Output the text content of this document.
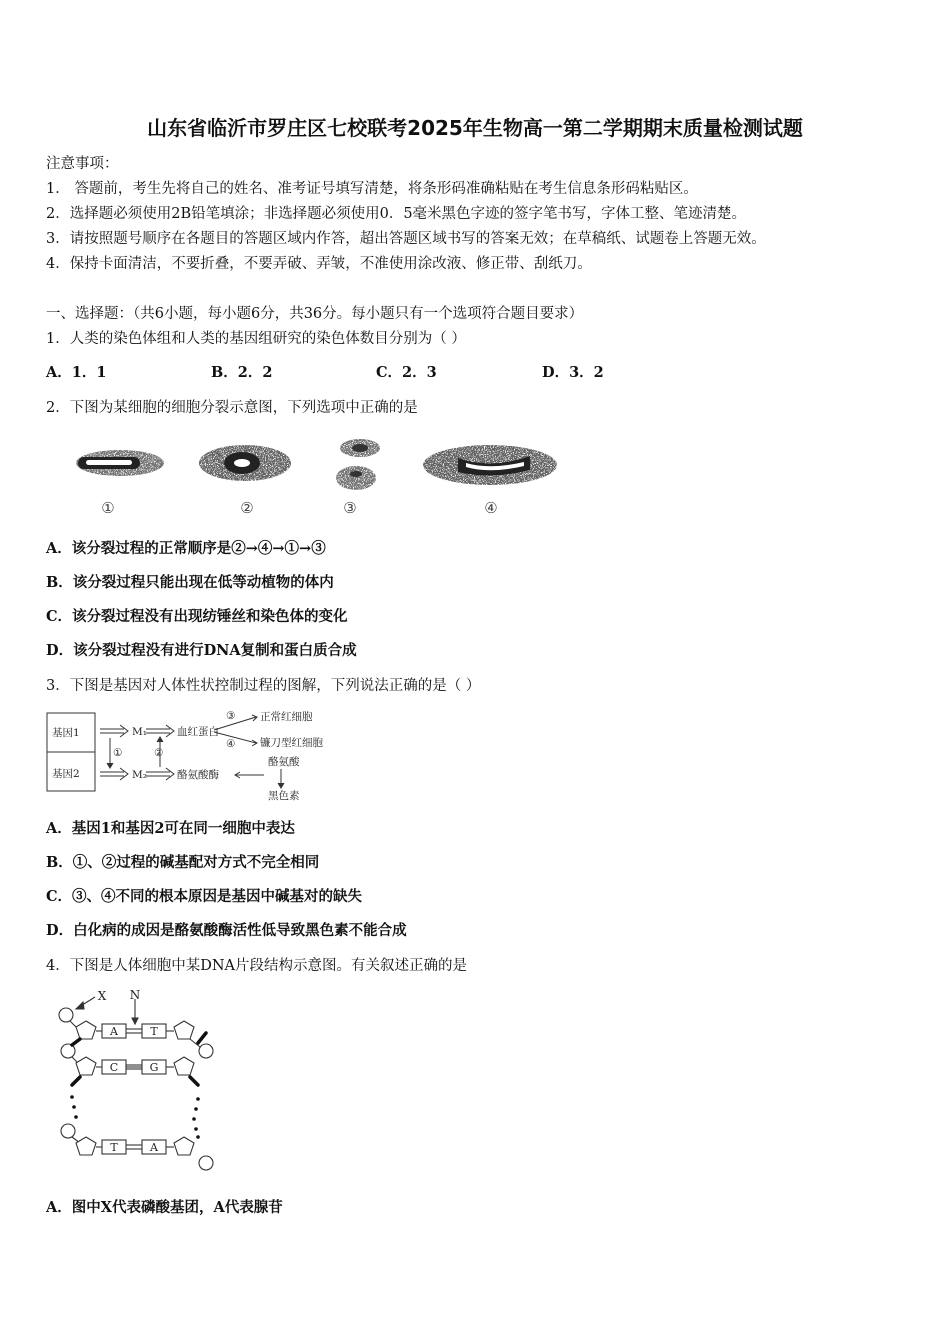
山东省临沂市罗庄区七校联考2025年生物高一第二学期期末质量检测试题
注意事项：
1． 答题前，考生先将自己的姓名、准考证号填写清楚，将条形码准确粘贴在考生信息条形码粘贴区。
2．选择题必须使用2B铅笔填涂；非选择题必须使用0．5毫米黑色字迹的签字笔书写，字体工整、笔迹清楚。
3．请按照题号顺序在各题目的答题区域内作答，超出答题区域书写的答案无效；在草稿纸、试题卷上答题无效。
4．保持卡面清洁，不要折叠，不要弄破、弄皱，不准使用涂改液、修正带、刮纸刀。
一、选择题：（共6小题，每小题6分，共36分。每小题只有一个选项符合题目要求）
1．人类的染色体组和人类的基因组研究的染色体数目分别为（ ）
A．1．1	B．2．2	C．2．3	D．3．2
2．下图为某细胞的细胞分裂示意图，下列选项中正确的是
①	②	③	④
A．该分裂过程的正常顺序是②→④→①→③
B．该分裂过程只能出现在低等动植物的体内
C．该分裂过程没有出现纺锤丝和染色体的变化
D．该分裂过程没有进行DNA复制和蛋白质合成
3．下图是基因对人体性状控制过程的图解，下列说法正确的是（ ）
基因1
基因2
M₁
M₂
①	②
血红蛋白
酪氨酸酶
③
④
正常红细胞
镰刀型红细胞
酪氨酸
黑色素
A．基因1和基因2可在同一细胞中表达
B．①、②过程的碱基配对方式不完全相同
C．③、④不同的根本原因是基因中碱基对的缺失
D．白化病的成因是酪氨酸酶活性低导致黑色素不能合成
4．下图是人体细胞中某DNA片段结构示意图。有关叙述正确的是
X N
A	T
C	G
T	A
A．图中X代表磷酸基团，A代表腺苷
